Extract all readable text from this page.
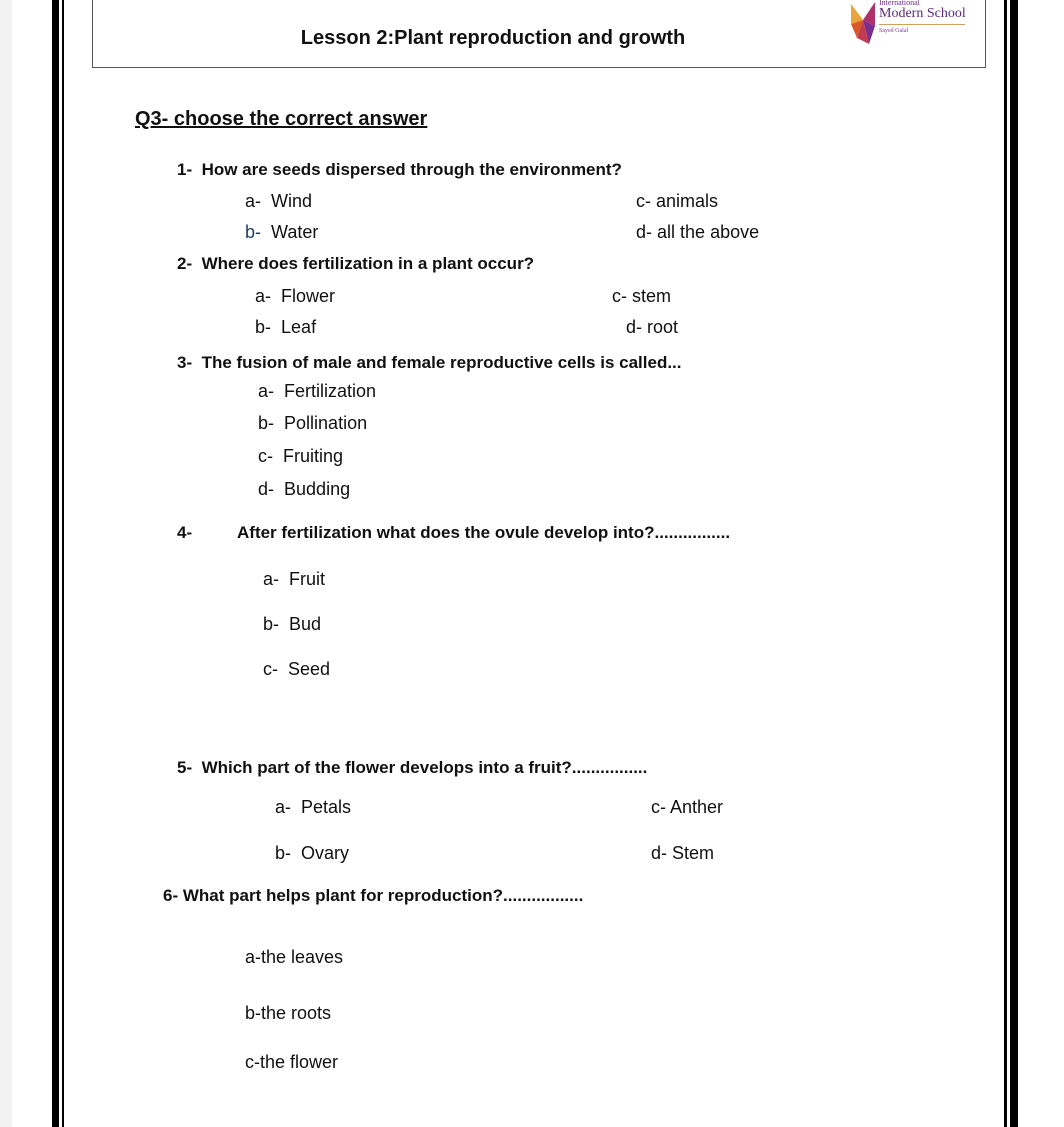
Lesson 2:Plant reproduction and growth
International
Modern School
Sayed Galal
Q3- choose the correct answer
1- How are seeds dispersed through the environment?
a- Wind
b- Water
c- animals
d- all the above
2- Where does fertilization in a plant occur?
a- Flower
b- Leaf
c- stem
d- root
3- The fusion of male and female reproductive cells is called...
a- Fertilization
b- Pollination
c- Fruiting
d- Budding
4-	After fertilization what does the ovule develop into?................
a- Fruit
b- Bud
c- Seed
5- Which part of the flower develops into a fruit?................
a- Petals
b- Ovary
c- Anther
d- Stem
6- What part helps plant for reproduction?.................
a-the leaves
b-the roots
c-the flower
